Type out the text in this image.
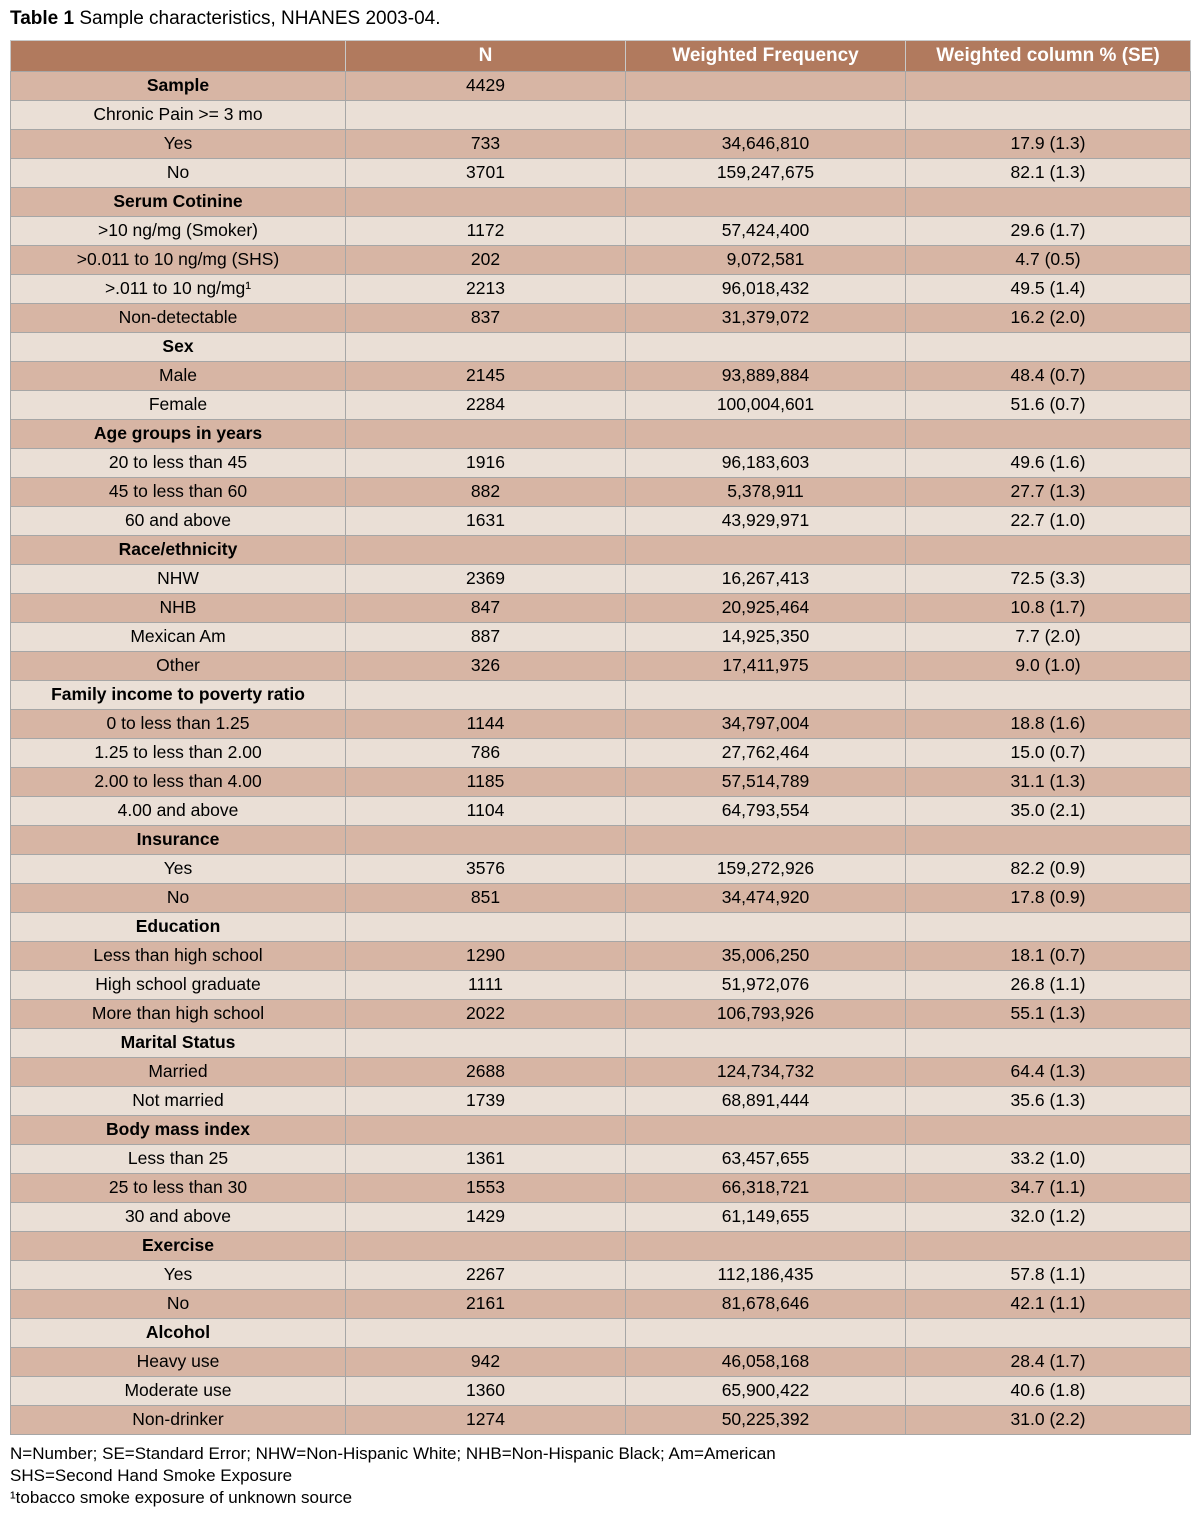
Table 1 Sample characteristics, NHANES 2003-04.
	N	Weighted Frequency	Weighted column % (SE)
Sample	4429		
Chronic Pain >= 3 mo			
Yes	733	34,646,810	17.9 (1.3)
No	3701	159,247,675	82.1 (1.3)
Serum Cotinine			
>10 ng/mg (Smoker)	1172	57,424,400	29.6 (1.7)
>0.011 to 10 ng/mg (SHS)	202	9,072,581	4.7 (0.5)
>.011 to 10 ng/mg¹	2213	96,018,432	49.5 (1.4)
Non-detectable	837	31,379,072	16.2 (2.0)
Sex			
Male	2145	93,889,884	48.4 (0.7)
Female	2284	100,004,601	51.6 (0.7)
Age groups in years			
20 to less than 45	1916	96,183,603	49.6 (1.6)
45 to less than 60	882	5,378,911	27.7 (1.3)
60 and above	1631	43,929,971	22.7 (1.0)
Race/ethnicity			
NHW	2369	16,267,413	72.5 (3.3)
NHB	847	20,925,464	10.8 (1.7)
Mexican Am	887	14,925,350	7.7 (2.0)
Other	326	17,411,975	9.0 (1.0)
Family income to poverty ratio			
0 to less than 1.25	1144	34,797,004	18.8 (1.6)
1.25 to less than 2.00	786	27,762,464	15.0 (0.7)
2.00 to less than 4.00	1185	57,514,789	31.1 (1.3)
4.00 and above	1104	64,793,554	35.0 (2.1)
Insurance			
Yes	3576	159,272,926	82.2 (0.9)
No	851	34,474,920	17.8 (0.9)
Education			
Less than high school	1290	35,006,250	18.1 (0.7)
High school graduate	1111	51,972,076	26.8 (1.1)
More than high school	2022	106,793,926	55.1 (1.3)
Marital Status			
Married	2688	124,734,732	64.4 (1.3)
Not married	1739	68,891,444	35.6 (1.3)
Body mass index			
Less than 25	1361	63,457,655	33.2 (1.0)
25 to less than 30	1553	66,318,721	34.7 (1.1)
30 and above	1429	61,149,655	32.0 (1.2)
Exercise			
Yes	2267	112,186,435	57.8 (1.1)
No	2161	81,678,646	42.1 (1.1)
Alcohol			
Heavy use	942	46,058,168	28.4 (1.7)
Moderate use	1360	65,900,422	40.6 (1.8)
Non-drinker	1274	50,225,392	31.0 (2.2)
N=Number; SE=Standard Error; NHW=Non-Hispanic White; NHB=Non-Hispanic Black; Am=American
SHS=Second Hand Smoke Exposure
¹tobacco smoke exposure of unknown source
